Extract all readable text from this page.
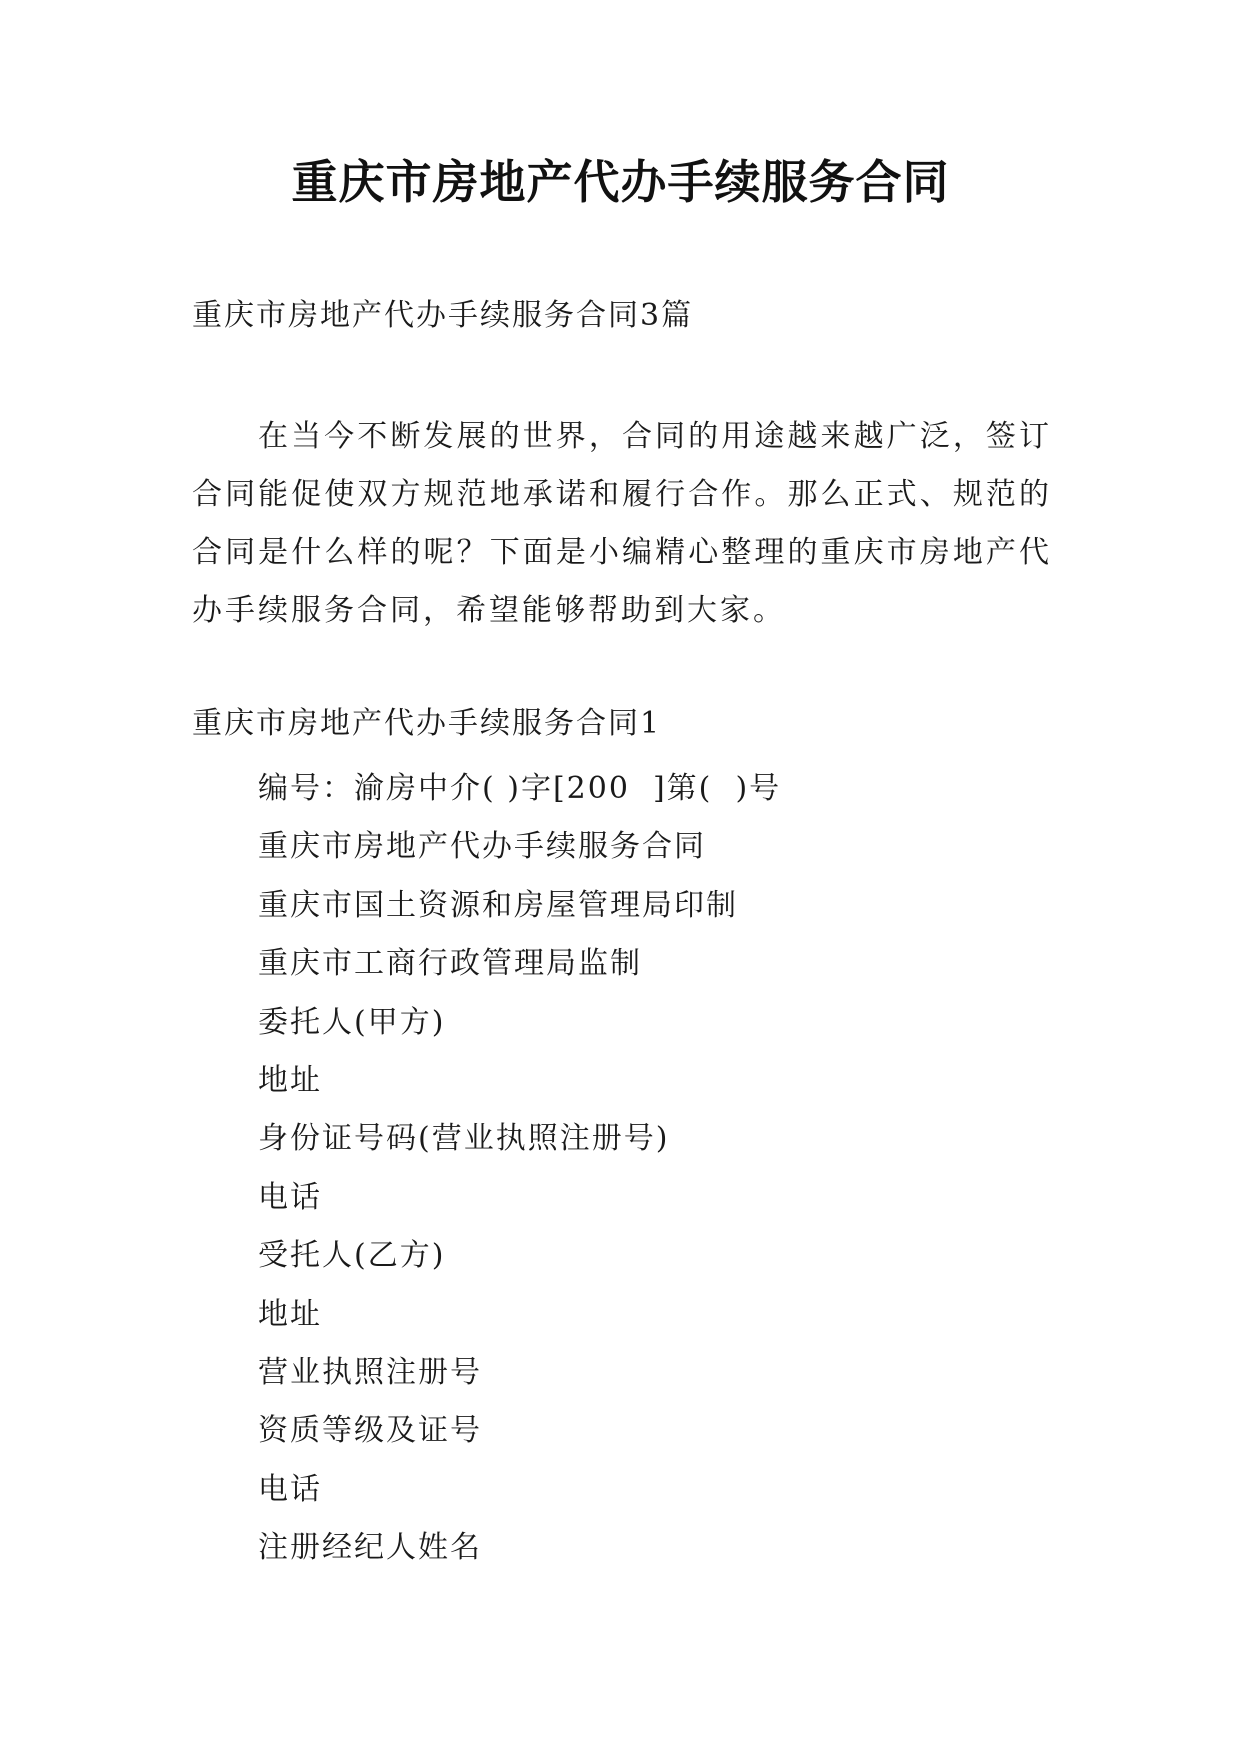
重庆市房地产代办手续服务合同
重庆市房地产代办手续服务合同3篇

在当今不断发展的世界，合同的用途越来越广泛，签订合同能促使双方规范地承诺和履行合作。那么正式、规范的合同是什么样的呢？下面是小编精心整理的重庆市房地产代办手续服务合同，希望能够帮助到大家。

重庆市房地产代办手续服务合同1
编号：渝房中介( )字[200  ]第(  )号
重庆市房地产代办手续服务合同
重庆市国土资源和房屋管理局印制
重庆市工商行政管理局监制
委托人(甲方)
地址
身份证号码(营业执照注册号)
电话
受托人(乙方)
地址
营业执照注册号
资质等级及证号
电话
注册经纪人姓名
